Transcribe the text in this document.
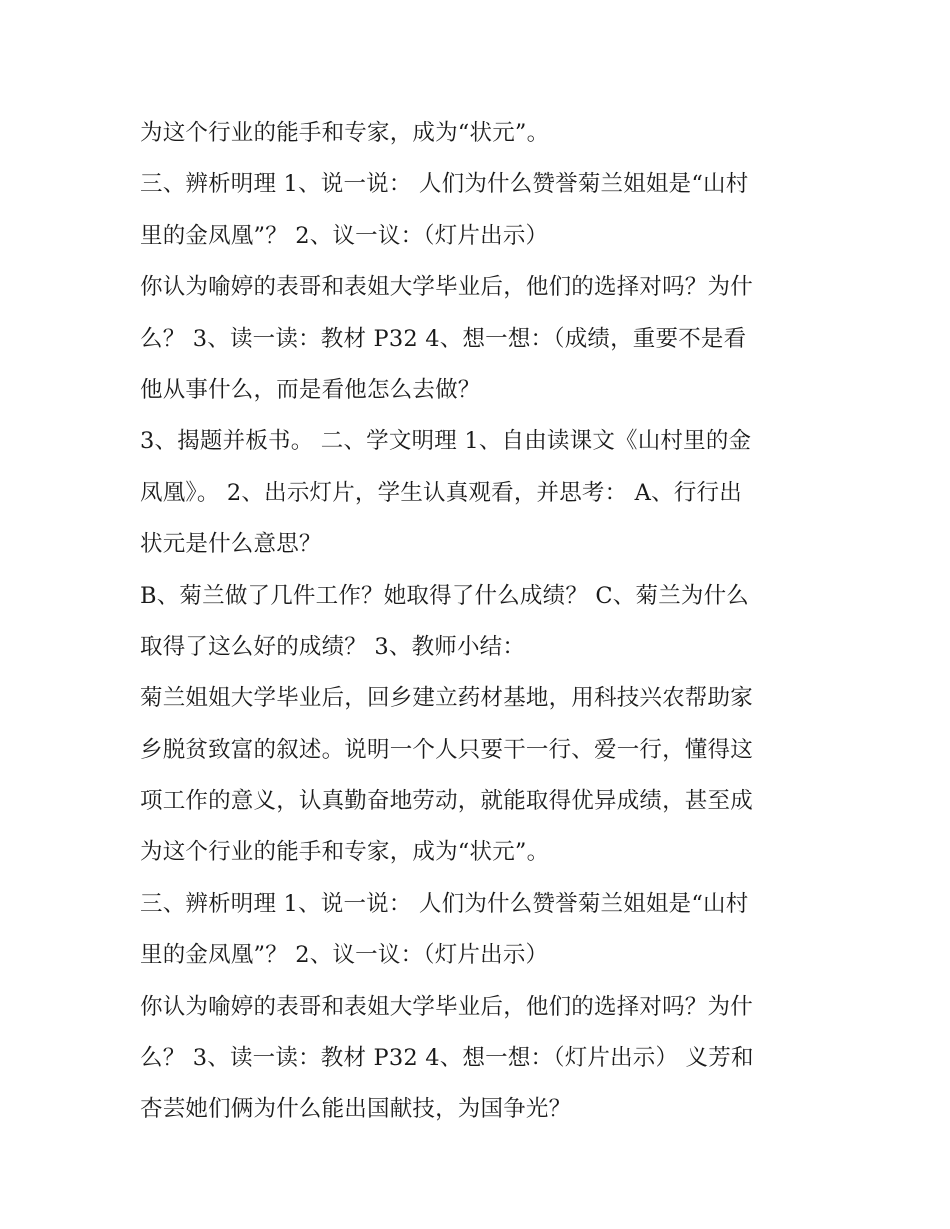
为这个行业的能手和专家，成为“状元”。
三、辨析明理 1、说一说： 人们为什么赞誉菊兰姐姐是“山村
里的金凤凰”？ 2、议一议：（灯片出示）
你认为喻婷的表哥和表姐大学毕业后，他们的选择对吗？为什
么？ 3、读一读：教材 P32 4、想一想：（成绩，重要不是看
他从事什么，而是看他怎么去做？
3、揭题并板书。 二、学文明理 1、自由读课文《山村里的金
凤凰》。 2、出示灯片，学生认真观看，并思考： A、行行出
状元是什么意思？
B、菊兰做了几件工作？她取得了什么成绩？ C、菊兰为什么
取得了这么好的成绩？ 3、教师小结：
菊兰姐姐大学毕业后，回乡建立药材基地，用科技兴农帮助家
乡脱贫致富的叙述。说明一个人只要干一行、爱一行，懂得这
项工作的意义，认真勤奋地劳动，就能取得优异成绩，甚至成
为这个行业的能手和专家，成为“状元”。
三、辨析明理 1、说一说： 人们为什么赞誉菊兰姐姐是“山村
里的金凤凰”？ 2、议一议：（灯片出示）
你认为喻婷的表哥和表姐大学毕业后，他们的选择对吗？为什
么？ 3、读一读：教材 P32 4、想一想：（灯片出示） 义芳和
杏芸她们俩为什么能出国献技，为国争光？
